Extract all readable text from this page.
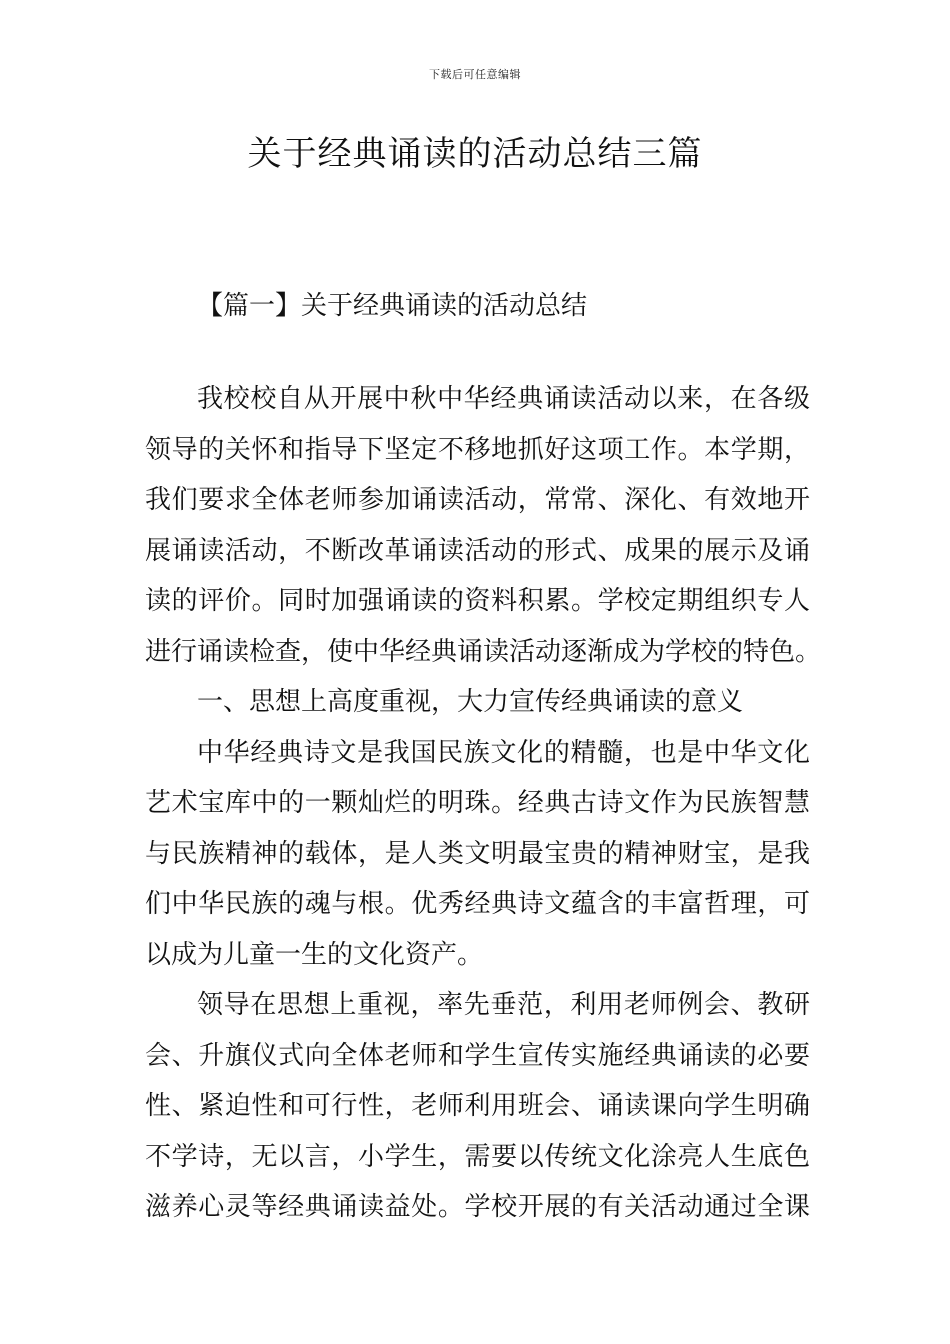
下载后可任意编辑
关于经典诵读的活动总结三篇

【篇一】关于经典诵读的活动总结

我校校自从开展中秋中华经典诵读活动以来，在各级
领导的关怀和指导下坚定不移地抓好这项工作。本学期，
我们要求全体老师参加诵读活动，常常、深化、有效地开
展诵读活动，不断改革诵读活动的形式、成果的展示及诵
读的评价。同时加强诵读的资料积累。学校定期组织专人
进行诵读检查，使中华经典诵读活动逐渐成为学校的特色。
一、思想上高度重视，大力宣传经典诵读的意义
中华经典诗文是我国民族文化的精髓，也是中华文化
艺术宝库中的一颗灿烂的明珠。经典古诗文作为民族智慧
与民族精神的载体，是人类文明最宝贵的精神财宝，是我
们中华民族的魂与根。优秀经典诗文蕴含的丰富哲理，可
以成为儿童一生的文化资产。
领导在思想上重视，率先垂范，利用老师例会、教研
会、升旗仪式向全体老师和学生宣传实施经典诵读的必要
性、紧迫性和可行性，老师利用班会、诵读课向学生明确
不学诗，无以言，小学生，需要以传统文化涂亮人生底色
滋养心灵等经典诵读益处。学校开展的有关活动通过全课
